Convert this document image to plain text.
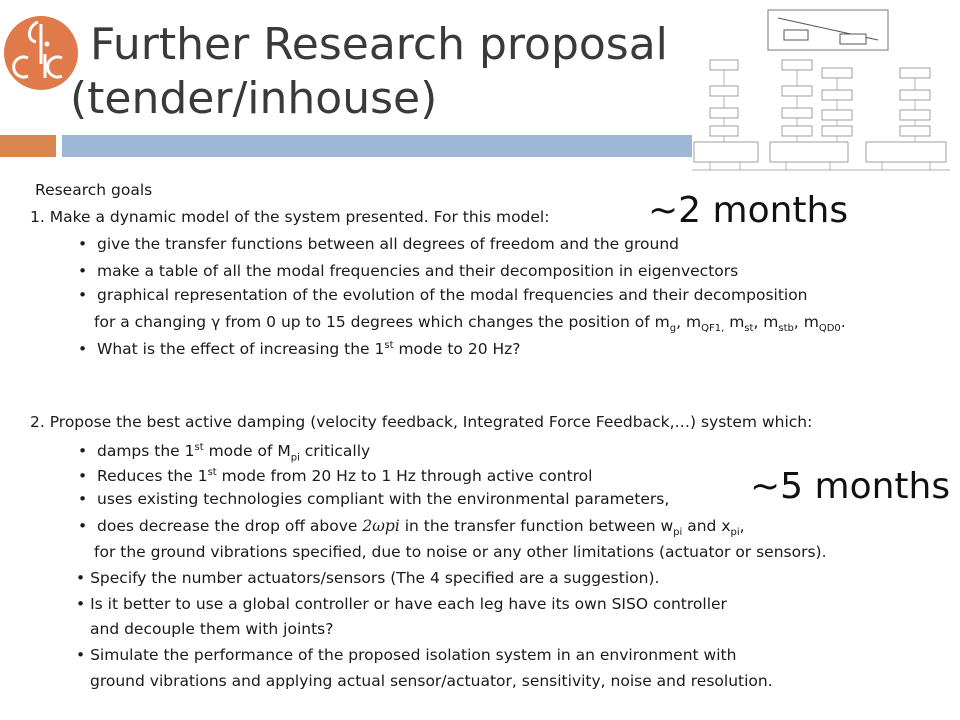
Further Research proposal
(tender/inhouse)
~2 months
~5 months
Research goals
1. Make a dynamic model of the system presented. For this model:
•  give the transfer functions between all degrees of freedom and the ground
•  make a table of all the modal frequencies and their decomposition in eigenvectors
•  graphical representation of the evolution of the modal frequencies and their decomposition
for a changing γ from 0 up to 15 degrees which changes the position of $m_g$, $m_{QF1,}$ $m_{st}$, $m_{stb}$, $m_{QD0}$.
•  What is the effect of increasing the 1st mode to 20 Hz?
2. Propose the best active damping (velocity feedback, Integrated Force Feedback,…) system which:
•  damps the 1st mode of $M_{pi}$ critically
•  Reduces the 1st mode from 20 Hz to 1 Hz through active control
•  uses existing technologies compliant with the environmental parameters,
•  does decrease the drop off above 2ωpi in the transfer function between $w_{pi}$ and $x_{pi}$,
for the ground vibrations specified, due to noise or any other limitations (actuator or sensors).
• Specify the number actuators/sensors (The 4 specified are a suggestion).
• Is it better to use a global controller or have each leg have its own SISO controller
and decouple them with joints?
• Simulate the performance of the proposed isolation system in an environment with
ground vibrations and applying actual sensor/actuator, sensitivity, noise and resolution.
